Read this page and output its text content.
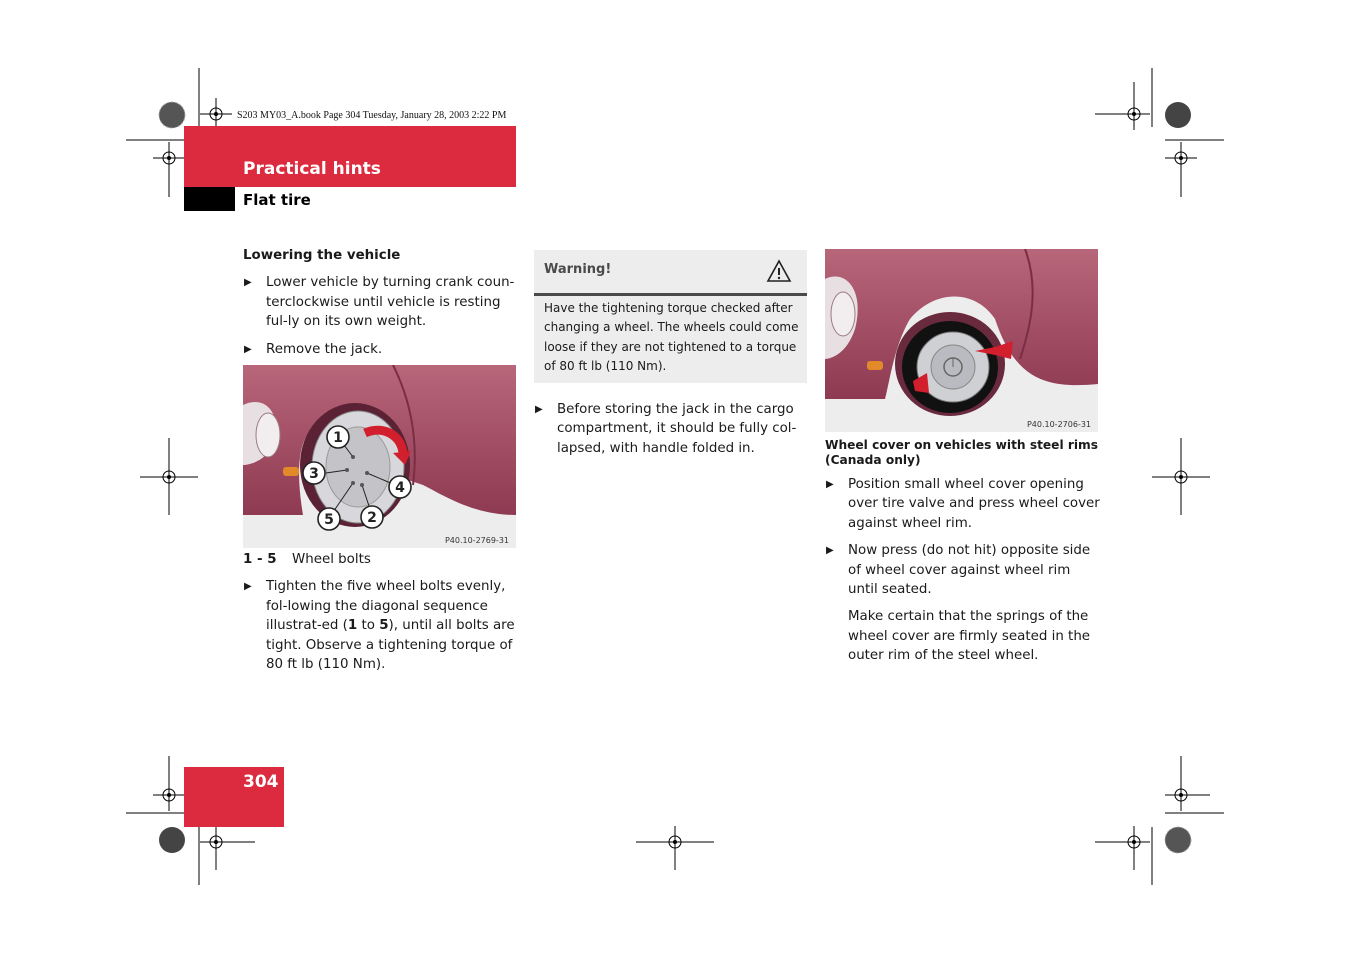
S203 MY03_A.book Page 304 Tuesday, January 28, 2003 2:22 PM
Practical hints
Flat tire
Lowering the vehicle

▶ Lower vehicle by turning crank coun-terclockwise until vehicle is resting ful-ly on its own weight.

▶ Remove the jack.

1
2
3
4
5
P40.10-2769-31
1 - 5 Wheel bolts

▶ Tighten the five wheel bolts evenly, fol-lowing the diagonal sequence illustrat-ed (1 to 5), until all bolts are tight. Observe a tightening torque of 80 ft lb (110 Nm).

Warning!
Have the tightening torque checked after changing a wheel. The wheels could come loose if they are not tightened to a torque of 80 ft lb (110 Nm).

▶ Before storing the jack in the cargo compartment, it should be fully col-lapsed, with handle folded in.

P40.10-2706-31
Wheel cover on vehicles with steel rims (Canada only)

▶ Position small wheel cover opening over tire valve and press wheel cover against wheel rim.

▶ Now press (do not hit) opposite side of wheel cover against wheel rim until seated.

Make certain that the springs of the wheel cover are firmly seated in the outer rim of the steel wheel.

304
